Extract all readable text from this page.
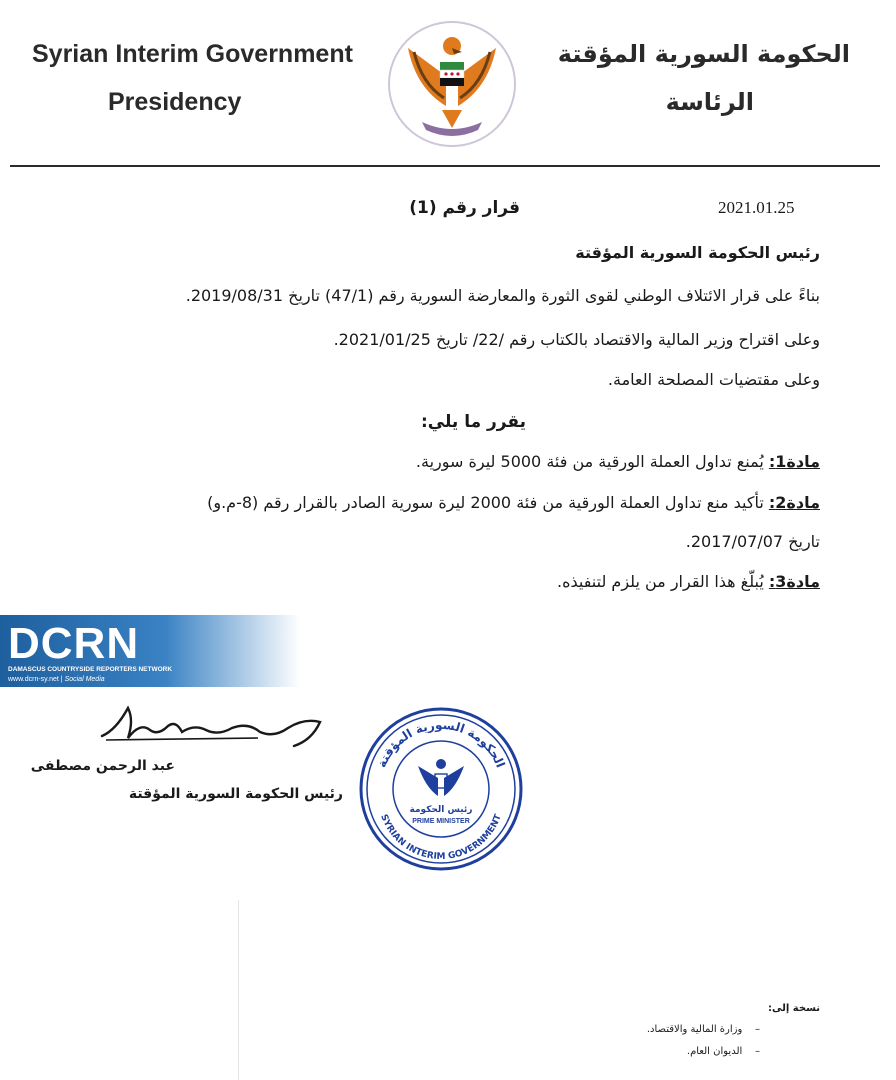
Syrian Interim Government
Presidency
الحكومة السورية المؤقتة
الرئاسة
2021.01.25
قرار رقم (1)
رئيس الحكومة السورية المؤقتة
بناءً على قرار الائتلاف الوطني لقوى الثورة والمعارضة السورية رقم (47/1) تاريخ 2019/08/31.
وعلى اقتراح وزير المالية والاقتصاد بالكتاب رقم /22/ تاريخ 2021/01/25.
وعلى مقتضيات المصلحة العامة.
يقرر ما يلي:
مادة1: يُمنع تداول العملة الورقية من فئة 5000 ليرة سورية.
مادة2: تأكيد منع تداول العملة الورقية من فئة 2000 ليرة سورية الصادر بالقرار رقم (8-م.و)
تاريخ 2017/07/07.
مادة3: يُبلّغ هذا القرار من يلزم لتنفيذه.
DCRN
DAMASCUS COUNTRYSIDE REPORTERS NETWORK
www.dcrn-sy.net | Social Media
عبد الرحمن مصطفى
رئيس الحكومة السورية المؤقتة
الحكومة السورية المؤقتة
SYRIAN INTERIM GOVERNMENT
رئيس الحكومة
PRIME MINISTER
نسخة إلى:
–    وزارة المالية والاقتصاد.
–    الديوان العام.
